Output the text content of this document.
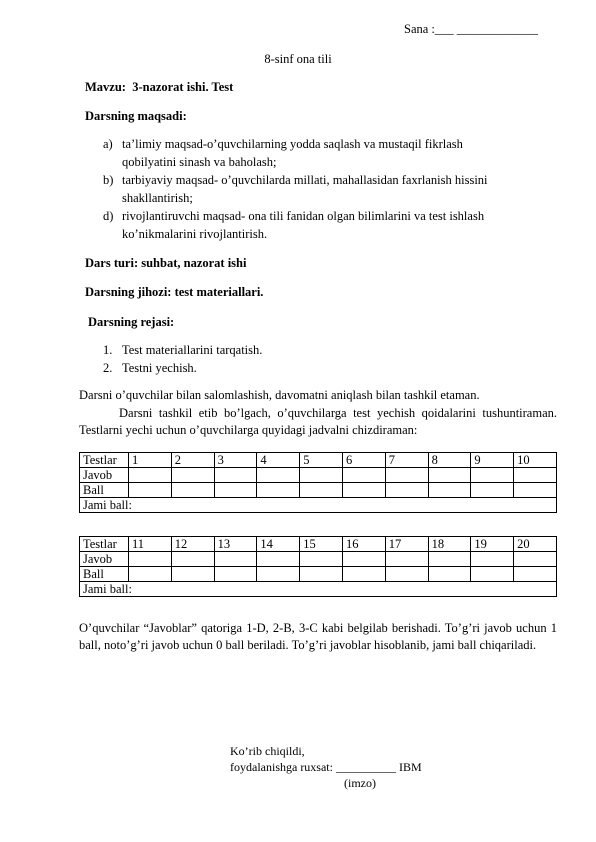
Sana :___ _____________
8-sinf ona tili
Mavzu: 3-nazorat ishi. Test
Darsning maqsadi:
a) ta’limiy maqsad-o’quvchilarning yodda saqlash va mustaqil fikrlash
qobilyatini sinash va baholash;
b) tarbiyaviy maqsad- o’quvchilarda millati, mahallasidan faxrlanish hissini
shakllantirish;
d) rivojlantiruvchi maqsad- ona tili fanidan olgan bilimlarini va test ishlash
ko’nikmalarini rivojlantirish.
Dars turi: suhbat, nazorat ishi
Darsning jihozi: test materiallari.
Darsning rejasi:
1. Test materiallarini tarqatish.
2. Testni yechish.
Darsni o’quvchilar bilan salomlashish, davomatni aniqlash bilan tashkil etaman.
Darsni tashkil etib bo’lgach, o’quvchilarga test yechish qoidalarini tushuntiraman. Testlarni yechi uchun o’quvchilarga quyidagi jadvalni chizdiraman:
Testlar	1	2	3	4	5	6	7	8	9	10
Javob										
Ball										
Jami ball:										
Testlar	11	12	13	14	15	16	17	18	19	20
Javob										
Ball										
Jami ball:										
O’quvchilar “Javoblar” qatoriga 1-D, 2-B, 3-C kabi belgilab berishadi. To’g’ri javob uchun 1 ball, noto’g’ri javob uchun 0 ball beriladi. To’g’ri javoblar hisoblanib, jami ball chiqariladi.
Ko’rib chiqildi,
foydalanishga ruxsat: __________ IBM
(imzo)
